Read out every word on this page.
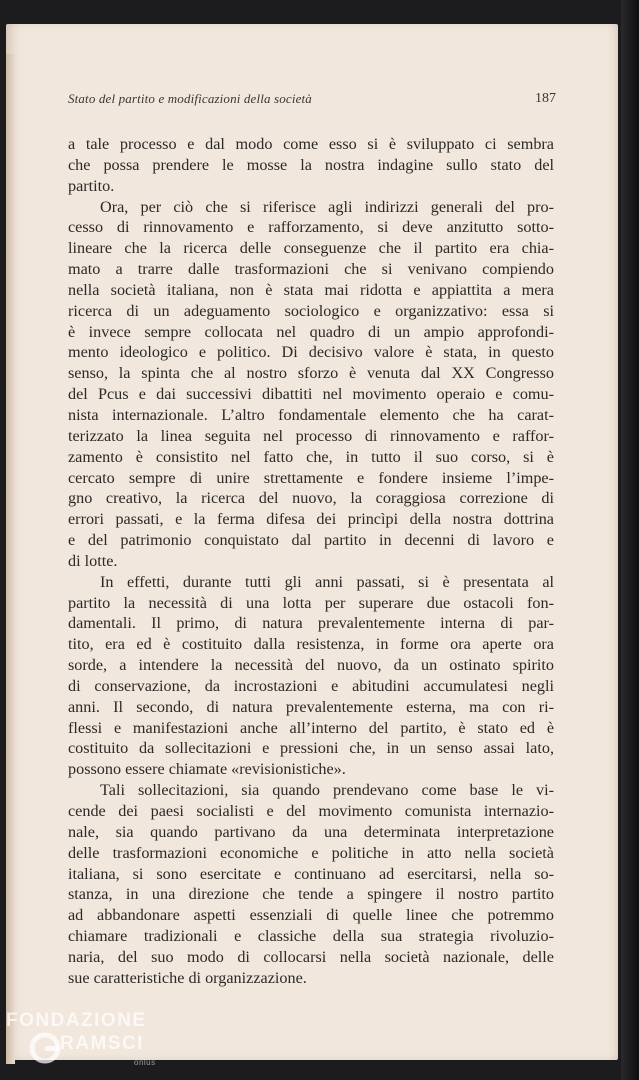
Stato del partito e modificazioni della società	187

a tale processo e dal modo come esso si è sviluppato ci sembra

che possa prendere le mosse la nostra indagine sullo stato del

partito.

Ora, per ciò che si riferisce agli indirizzi generali del pro-

cesso di rinnovamento e rafforzamento, si deve anzitutto sotto-

lineare che la ricerca delle conseguenze che il partito era chia-

mato a trarre dalle trasformazioni che si venivano compiendo

nella società italiana, non è stata mai ridotta e appiattita a mera

ricerca di un adeguamento sociologico e organizzativo: essa si

è invece sempre collocata nel quadro di un ampio approfondi-

mento ideologico e politico. Di decisivo valore è stata, in questo

senso, la spinta che al nostro sforzo è venuta dal XX Congresso

del Pcus e dai successivi dibattiti nel movimento operaio e comu-

nista internazionale. L’altro fondamentale elemento che ha carat-

terizzato la linea seguita nel processo di rinnovamento e raffor-

zamento è consistito nel fatto che, in tutto il suo corso, si è

cercato sempre di unire strettamente e fondere insieme l’impe-

gno creativo, la ricerca del nuovo, la coraggiosa correzione di

errori passati, e la ferma difesa dei princìpi della nostra dottrina

e del patrimonio conquistato dal partito in decenni di lavoro e

di lotte.

In effetti, durante tutti gli anni passati, si è presentata al

partito la necessità di una lotta per superare due ostacoli fon-

damentali. Il primo, di natura prevalentemente interna di par-

tito, era ed è costituito dalla resistenza, in forme ora aperte ora

sorde, a intendere la necessità del nuovo, da un ostinato spirito

di conservazione, da incrostazioni e abitudini accumulatesi negli

anni. Il secondo, di natura prevalentemente esterna, ma con ri-

flessi e manifestazioni anche all’interno del partito, è stato ed è

costituito da sollecitazioni e pressioni che, in un senso assai lato,

possono essere chiamate «revisionistiche».

Tali sollecitazioni, sia quando prendevano come base le vi-

cende dei paesi socialisti e del movimento comunista internazio-

nale, sia quando partivano da una determinata interpretazione

delle trasformazioni economiche e politiche in atto nella società

italiana, si sono esercitate e continuano ad esercitarsi, nella so-

stanza, in una direzione che tende a spingere il nostro partito

ad abbandonare aspetti essenziali di quelle linee che potremmo

chiamare tradizionali e classiche della sua strategia rivoluzio-

naria, del suo modo di collocarsi nella società nazionale, delle

sue caratteristiche di organizzazione.

FONDAZIONE
RAMSCI
onlus
